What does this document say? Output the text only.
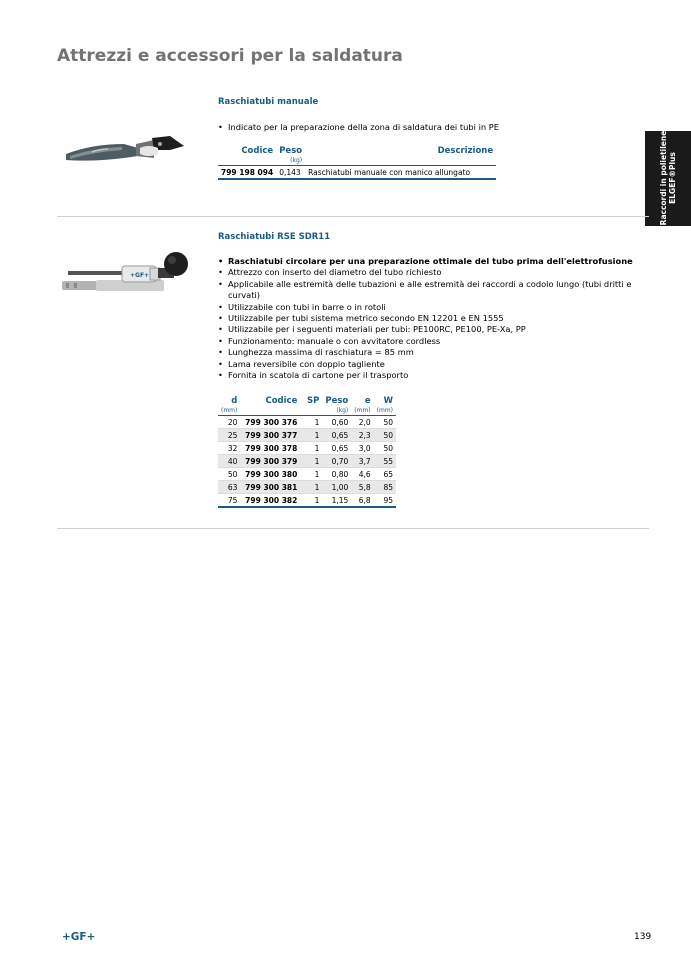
Attrezzi e accessori per la saldatura
Raccordi in polietilene ELGEF®Plus
Raschiatubi manuale
• Indicato per la preparazione della zona di saldatura dei tubi in PE
Codice	Peso	Descrizione
	(kg)	
799 198 094	0,143	Raschiatubi manuale con manico allungato
+GF+
Raschiatubi RSE SDR11
• Raschiatubi circolare per una preparazione ottimale del tubo prima dell'elettrofusione
• Attrezzo con inserto del diametro del tubo richiesto
• Applicabile alle estremità delle tubazioni e alle estremità dei raccordi a codolo lungo (tubi dritti e curvati)
• Utilizzabile con tubi in barre o in rotoli
• Utilizzabile per tubi sistema metrico secondo EN 12201 e EN 1555
• Utilizzabile per i seguenti materiali per tubi: PE100RC, PE100, PE-Xa, PP
• Funzionamento: manuale o con avvitatore cordless
• Lunghezza massima di raschiatura = 85 mm
• Lama reversibile con doppio tagliente
• Fornita in scatola di cartone per il trasporto
d	Codice	SP	Peso	e	W
(mm)			(kg)	(mm)	(mm)
20	799 300 376	1	0,60	2,0	50
25	799 300 377	1	0,65	2,3	50
32	799 300 378	1	0,65	3,0	50
40	799 300 379	1	0,70	3,7	55
50	799 300 380	1	0,80	4,6	65
63	799 300 381	1	1,00	5,8	85
75	799 300 382	1	1,15	6,8	95
+GF+	139
